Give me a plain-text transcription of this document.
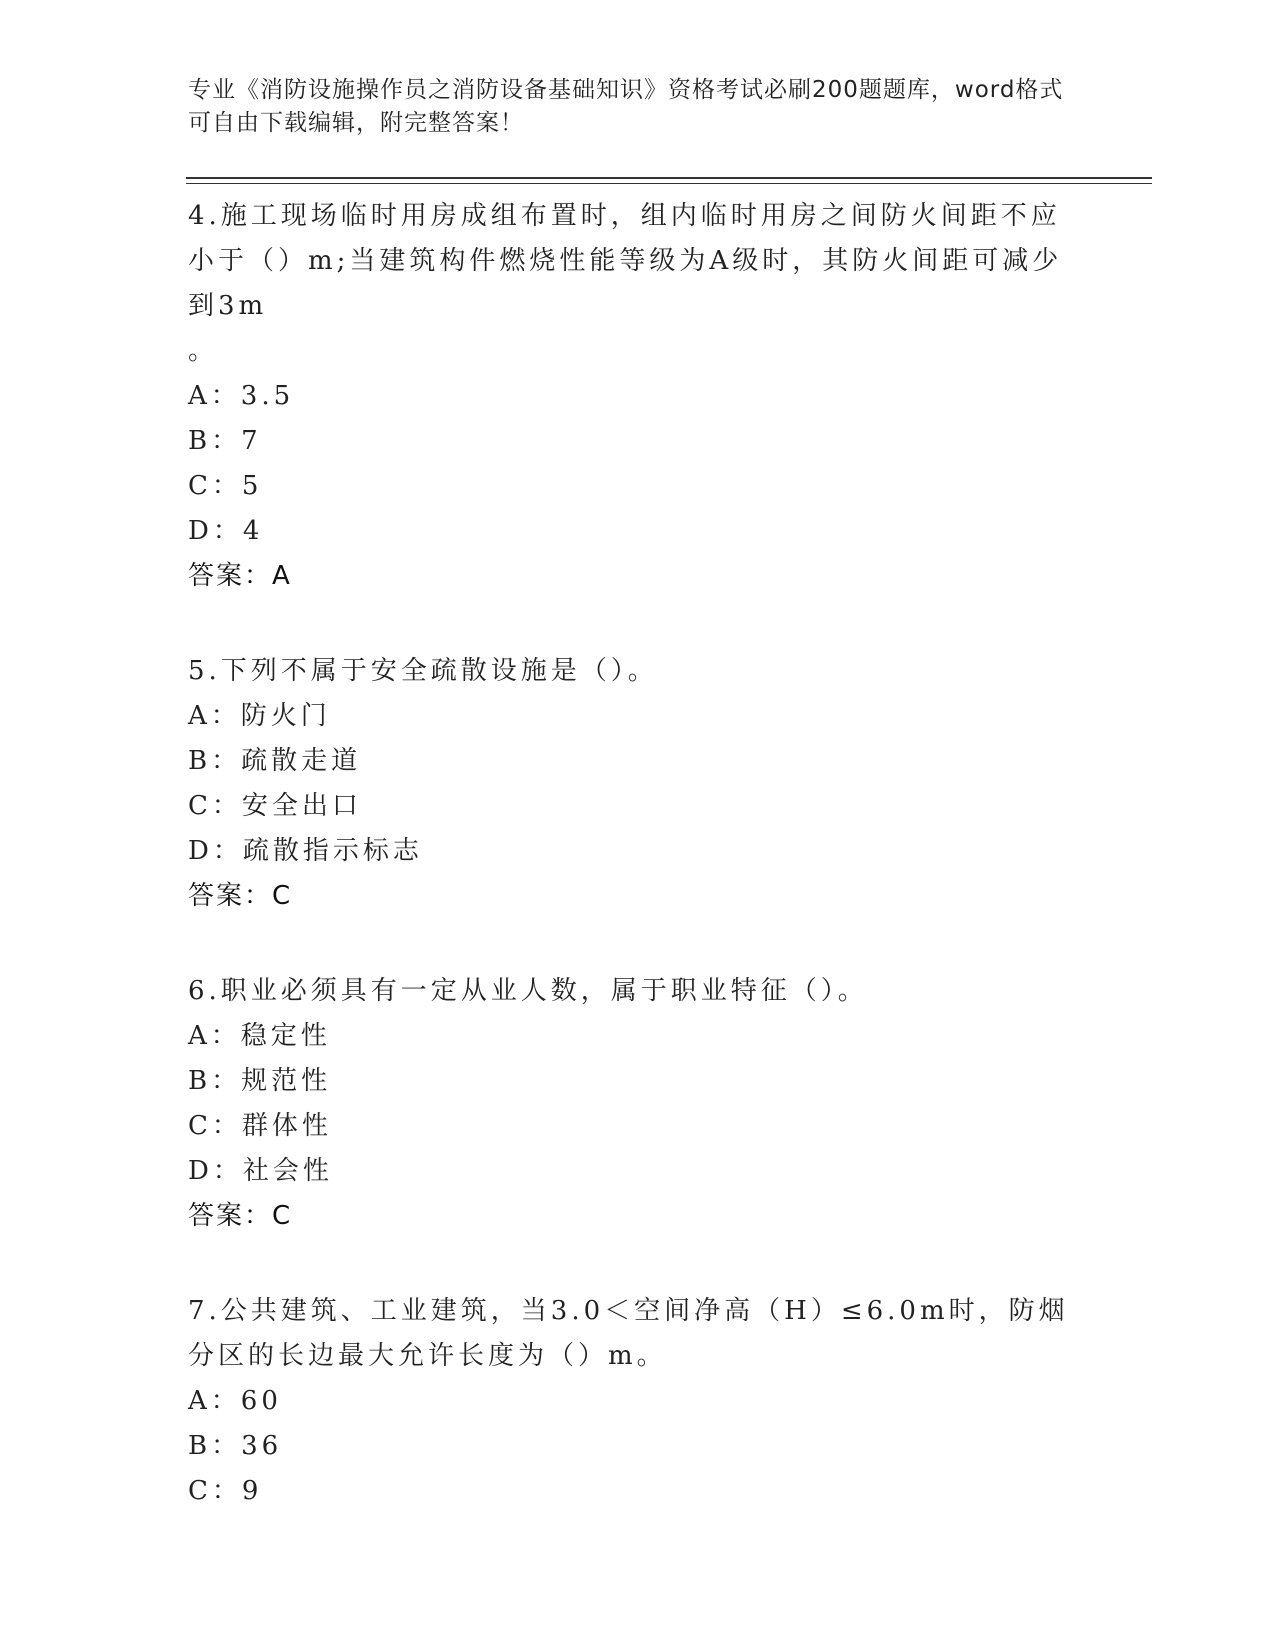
专业《消防设施操作员之消防设备基础知识》资格考试必刷200题题库，word格式可自由下载编辑，附完整答案！

4.施工现场临时用房成组布置时，组内临时用房之间防火间距不应小于（）m;当建筑构件燃烧性能等级为A级时，其防火间距可减少到3m
。

A：3.5
B：7
C：5
D：4
答案：A

5.下列不属于安全疏散设施是（）。

A：防火门
B：疏散走道
C：安全出口
D：疏散指示标志
答案：C

6.职业必须具有一定从业人数，属于职业特征（）。

A：稳定性
B：规范性
C：群体性
D：社会性
答案：C

7.公共建筑、工业建筑，当3.0＜空间净高（H）≤6.0m时，防烟分区的长边最大允许长度为（）m。

A：60
B：36
C：9
